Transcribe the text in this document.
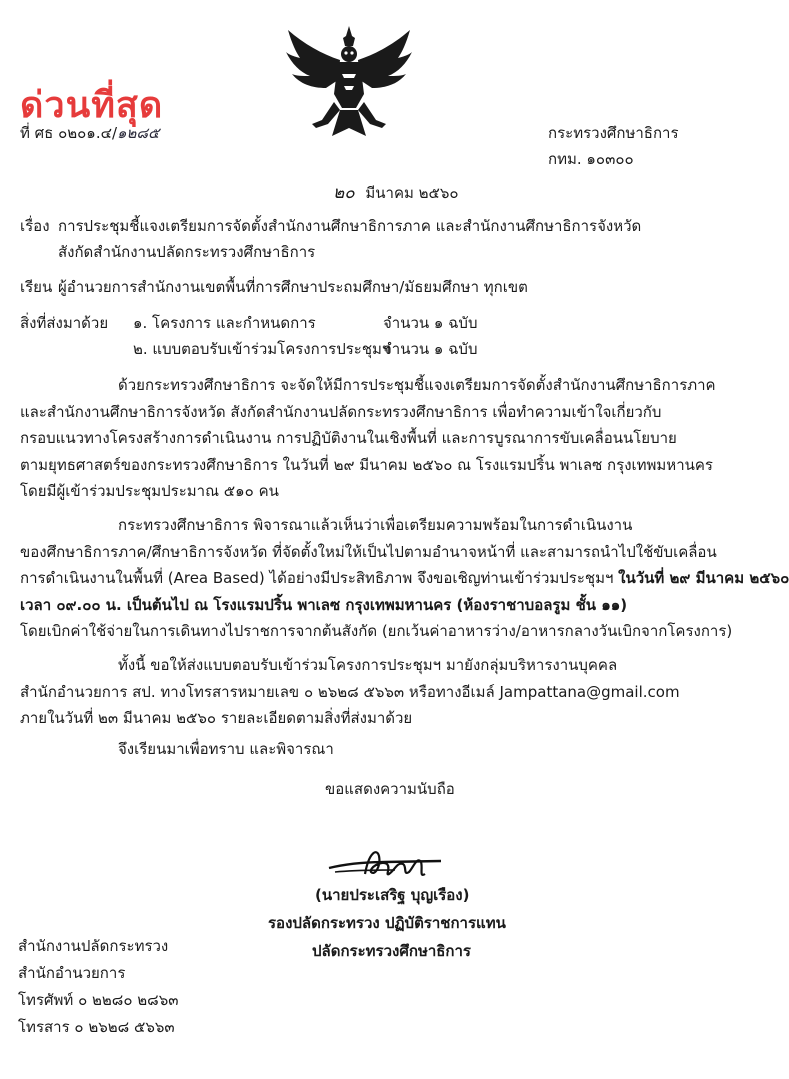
ด่วนที่สุด
ที่ ศธ ๐๒๐๑.๔/๑๒๘๕	กระทรวงศึกษาธิการ
กทม. ๑๐๓๐๐
๒๐ มีนาคม ๒๕๖๐
เรื่อง การประชุมชี้แจงเตรียมการจัดตั้งสำนักงานศึกษาธิการภาค และสำนักงานศึกษาธิการจังหวัด
สังกัดสำนักงานปลัดกระทรวงศึกษาธิการ
เรียน ผู้อำนวยการสำนักงานเขตพื้นที่การศึกษาประถมศึกษา/มัธยมศึกษา ทุกเขต
สิ่งที่ส่งมาด้วย ๑. โครงการ และกำหนดการ	จำนวน ๑ ฉบับ
๒. แบบตอบรับเข้าร่วมโครงการประชุมฯ
จำนวน ๑ ฉบับ
ด้วยกระทรวงศึกษาธิการ จะจัดให้มีการประชุมชี้แจงเตรียมการจัดตั้งสำนักงานศึกษาธิการภาค
และสำนักงานศึกษาธิการจังหวัด สังกัดสำนักงานปลัดกระทรวงศึกษาธิการ เพื่อทำความเข้าใจเกี่ยวกับ
กรอบแนวทางโครงสร้างการดำเนินงาน การปฏิบัติงานในเชิงพื้นที่ และการบูรณาการขับเคลื่อนนโยบาย
ตามยุทธศาสตร์ของกระทรวงศึกษาธิการ ในวันที่ ๒๙ มีนาคม ๒๕๖๐ ณ โรงแรมปริ้น พาเลซ กรุงเทพมหานคร
โดยมีผู้เข้าร่วมประชุมประมาณ ๕๑๐ คน
กระทรวงศึกษาธิการ พิจารณาแล้วเห็นว่าเพื่อเตรียมความพร้อมในการดำเนินงาน
ของศึกษาธิการภาค/ศึกษาธิการจังหวัด ที่จัดตั้งใหม่ให้เป็นไปตามอำนาจหน้าที่ และสามารถนำไปใช้ขับเคลื่อน
การดำเนินงานในพื้นที่ (Area Based) ได้อย่างมีประสิทธิภาพ จึงขอเชิญท่านเข้าร่วมประชุมฯ ในวันที่ ๒๙ มีนาคม ๒๕๖๐
เวลา ๐๙.๐๐ น. เป็นต้นไป ณ โรงแรมปริ้น พาเลซ กรุงเทพมหานคร (ห้องราชาบอลรูม ชั้น ๑๑)
โดยเบิกค่าใช้จ่ายในการเดินทางไปราชการจากต้นสังกัด (ยกเว้นค่าอาหารว่าง/อาหารกลางวันเบิกจากโครงการ)
ทั้งนี้ ขอให้ส่งแบบตอบรับเข้าร่วมโครงการประชุมฯ มายังกลุ่มบริหารงานบุคคล
สำนักอำนวยการ สป. ทางโทรสารหมายเลข ๐ ๒๖๒๘ ๕๖๖๓ หรือทางอีเมล์ Jampattana@gmail.com
ภายในวันที่ ๒๓ มีนาคม ๒๕๖๐ รายละเอียดตามสิ่งที่ส่งมาด้วย
จึงเรียนมาเพื่อทราบ และพิจารณา
ขอแสดงความนับถือ
(นายประเสริฐ บุญเรือง)
รองปลัดกระทรวง ปฏิบัติราชการแทน
ปลัดกระทรวงศึกษาธิการ
สำนักงานปลัดกระทรวง
สำนักอำนวยการ
โทรศัพท์ ๐ ๒๒๘๐ ๒๘๖๓
โทรสาร ๐ ๒๖๒๘ ๕๖๖๓
